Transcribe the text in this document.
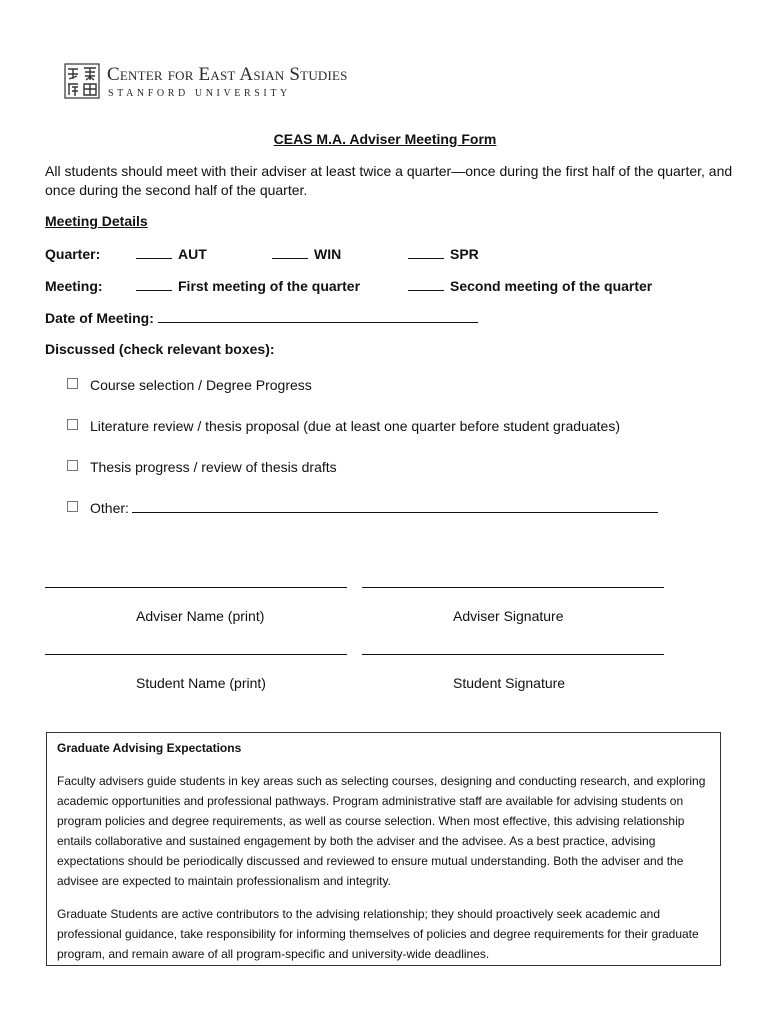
Center for East Asian Studies
STANFORD UNIVERSITY
CEAS M.A. Adviser Meeting Form
All students should meet with their adviser at least twice a quarter—once during the first half of the quarter, and once during the second half of the quarter.
Meeting Details
Quarter:	AUT	WIN	SPR
Meeting:	First meeting of the quarter	Second meeting of the quarter
Date of Meeting:
Discussed (check relevant boxes):
Course selection / Degree Progress
Literature review / thesis proposal (due at least one quarter before student graduates)
Thesis progress / review of thesis drafts
Other:
Adviser Name (print)	Adviser Signature
Student Name (print)	Student Signature
Graduate Advising Expectations
Faculty advisers guide students in key areas such as selecting courses, designing and conducting research, and exploring academic opportunities and professional pathways. Program administrative staff are available for advising students on program policies and degree requirements, as well as course selection. When most effective, this advising relationship entails collaborative and sustained engagement by both the adviser and the advisee. As a best practice, advising expectations should be periodically discussed and reviewed to ensure mutual understanding. Both the adviser and the advisee are expected to maintain professionalism and integrity.
Graduate Students are active contributors to the advising relationship; they should proactively seek academic and professional guidance, take responsibility for informing themselves of policies and degree requirements for their graduate program, and remain aware of all program-specific and university-wide deadlines.
